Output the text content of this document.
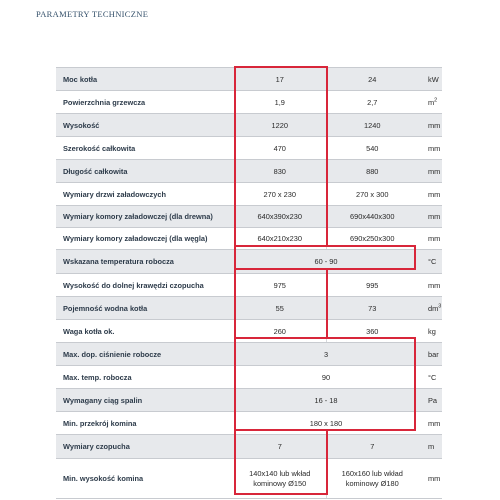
PARAMETRY TECHNICZNE
Moc kotła	17	24	kW
Powierzchnia grzewcza	1,9	2,7	$m^2$
Wysokość	1220	1240	mm
Szerokość całkowita	470	540	mm
Długość całkowita	830	880	mm
Wymiary drzwi załadowczych	270 x 230	270 x 300	mm
Wymiary komory załadowczej (dla drewna)	640x390x230	690x440x300	mm
Wymiary komory załadowczej (dla węgla)	640x210x230	690x250x300	mm
Wskazana temperatura robocza	60 - 90		°C
Wysokość do dolnej krawędzi czopucha	975	995	mm
Pojemność wodna kotła	55	73	$dm^3$
Waga kotła ok.	260	360	kg
Max. dop. ciśnienie robocze	3		bar
Max. temp. robocza	90		°C
Wymagany ciąg spalin	16 - 18		Pa
Min. przekrój komina	180 x 180		mm
Wymiary czopucha	7	7	m
Min. wysokość komina	140x140 lub wkład kominowy Ø150	160x160 lub wkład kominowy Ø180	mm
